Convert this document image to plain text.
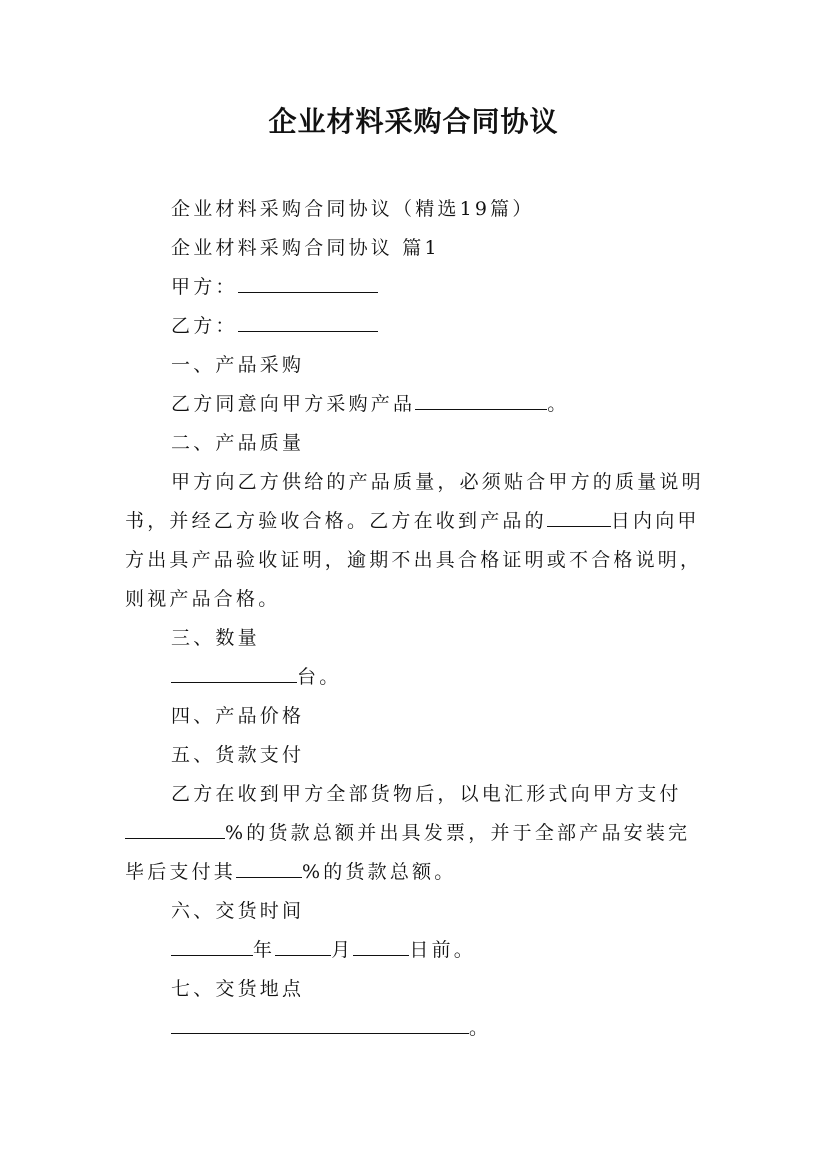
企业材料采购合同协议

企业材料采购合同协议（精选19篇）

企业材料采购合同协议 篇1

甲方：

乙方：

一、产品采购

乙方同意向甲方采购产品	。

二、产品质量

甲方向乙方供给的产品质量，必须贴合甲方的质量说明书，并经乙方验收合格。乙方在收到产品的	日内向甲方出具产品验收证明，逾期不出具合格证明或不合格说明，则视产品合格。

三、数量

台。

四、产品价格

五、货款支付

乙方在收到甲方全部货物后，以电汇形式向甲方支付%的货款总额并出具发票，并于全部产品安装完毕后支付其	%的货款总额。

六、交货时间

年	月	日前。

七、交货地点

。
